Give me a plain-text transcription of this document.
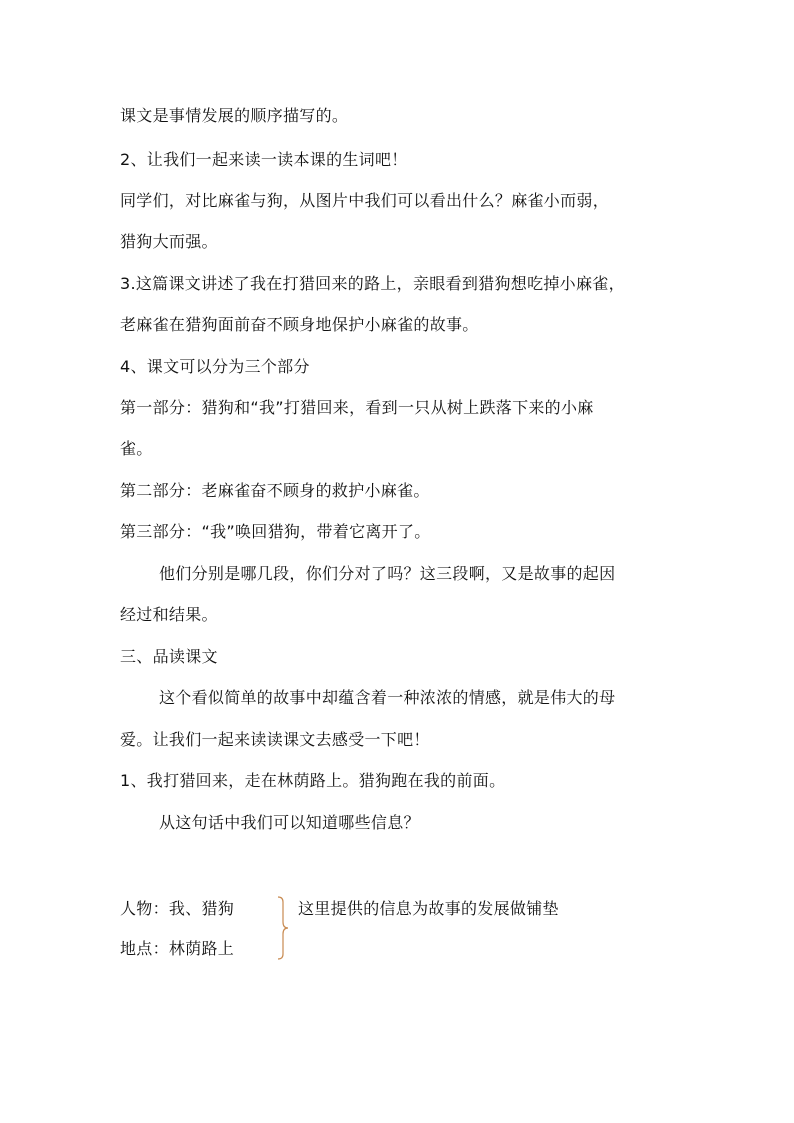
课文是事情发展的顺序描写的。
2、让我们一起来读一读本课的生词吧！
同学们，对比麻雀与狗，从图片中我们可以看出什么？麻雀小而弱，
猎狗大而强。
3.这篇课文讲述了我在打猎回来的路上，亲眼看到猎狗想吃掉小麻雀，
老麻雀在猎狗面前奋不顾身地保护小麻雀的故事。
4、课文可以分为三个部分
第一部分：猎狗和“我”打猎回来，看到一只从树上跌落下来的小麻
雀。
第二部分：老麻雀奋不顾身的救护小麻雀。
第三部分：“我”唤回猎狗，带着它离开了。
他们分别是哪几段，你们分对了吗？这三段啊，又是故事的起因
经过和结果。
三、品读课文
这个看似简单的故事中却蕴含着一种浓浓的情感，就是伟大的母
爱。让我们一起来读读课文去感受一下吧！
1、我打猎回来，走在林荫路上。猎狗跑在我的前面。
从这句话中我们可以知道哪些信息？
人物：我、猎狗
地点：林荫路上
这里提供的信息为故事的发展做铺垫
